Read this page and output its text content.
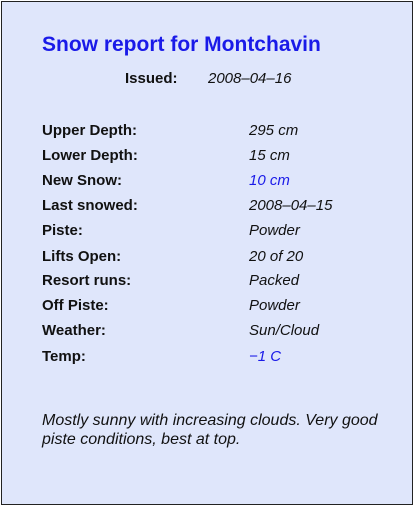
Snow report for Montchavin
Issued: 2008–04–16
Upper Depth:	295 cm
Lower Depth:	15 cm
New Snow:	10 cm
Last snowed:	2008–04–15
Piste:	Powder
Lifts Open:	20 of 20
Resort runs:	Packed
Off Piste:	Powder
Weather:	Sun/Cloud
Temp:	−1 C
Mostly sunny with increasing clouds. Very good piste conditions, best at top.
